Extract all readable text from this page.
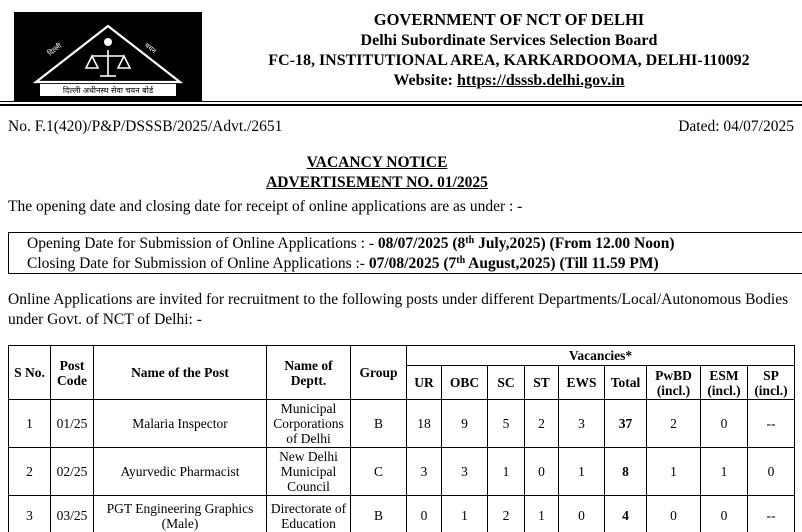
दिल्ली	चयन
दिल्ली अधीनस्थ सेवा चयन बोर्ड
GOVERNMENT OF NCT OF DELHI
Delhi Subordinate Services Selection Board
FC-18, INSTITUTIONAL AREA, KARKARDOOMA, DELHI-110092
Website: https://dsssb.delhi.gov.in
No. F.1(420)/P&P/DSSSB/2025/Advt./2651	Dated: 04/07/2025
VACANCY NOTICE
ADVERTISEMENT NO. 01/2025
The opening date and closing date for receipt of online applications are as under : -
Opening Date for Submission of Online Applications : - 08/07/2025 (8th July,2025) (From 12.00 Noon)
Closing Date for Submission of Online Applications :- 07/08/2025 (7th August,2025) (Till 11.59 PM)
Online Applications are invited for recruitment to the following posts under different Departments/Local/Autonomous Bodies under Govt. of NCT of Delhi: -
S No.	Post Code	Name of the Post	Name of Deptt.	Group	Vacancies*								
					UR	OBC	SC	ST	EWS	Total	PwBD (incl.)	ESM (incl.)	SP (incl.)
1	01/25	Malaria Inspector	Municipal Corporations of Delhi	B	18	9	5	2	3	37	2	0	--
2	02/25	Ayurvedic Pharmacist	New Delhi Municipal Council	C	3	3	1	0	1	8	1	1	0
3	03/25	PGT Engineering Graphics (Male)	Directorate of Education	B	0	1	2	1	0	4	0	0	--
